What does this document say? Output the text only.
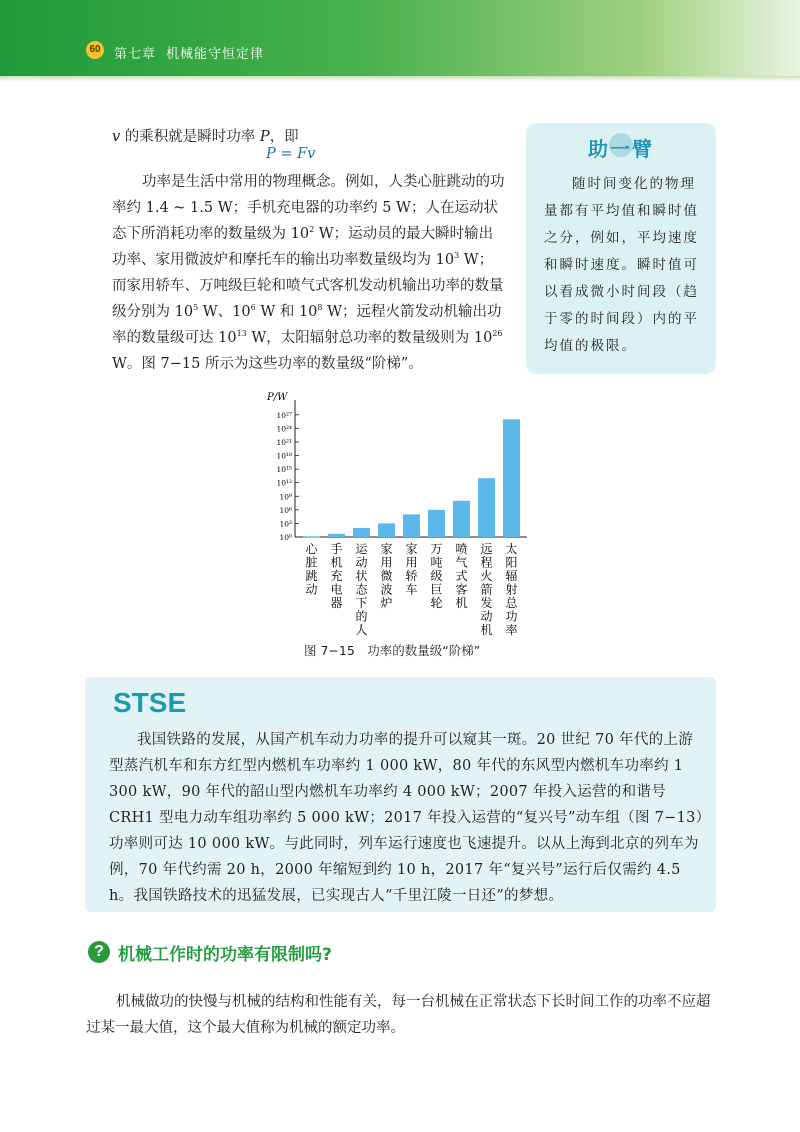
60 第七章 机械能守恒定律
v 的乘积就是瞬时功率 P，即
P = Fv
功率是生活中常用的物理概念。例如，人类心脏跳动的功率约 1.4 ~ 1.5 W；手机充电器的功率约 5 W；人在运动状态下所消耗功率的数量级为 $10^2$ W；运动员的最大瞬时输出功率、家用微波炉和摩托车的输出功率数量级均为 $10^3$ W；而家用轿车、万吨级巨轮和喷气式客机发动机输出功率的数量级分别为 $10^5$ W、$10^6$ W 和 $10^8$ W；远程火箭发动机输出功率的数量级可达 $10^{13}$ W，太阳辐射总功率的数量级则为 $10^{26}$ W。图 7−15 所示为这些功率的数量级“阶梯”。
助一臂
随时间变化的物理量都有平均值和瞬时值之分，例如，平均速度和瞬时速度。瞬时值可以看成微小时间段（趋于零的时间段）内的平均值的极限。
P/W
10⁰
10³
10⁶
10⁹
10¹²
10¹⁵
10¹⁸
10²¹
10²⁴
10²⁷
心脏跳动
手机充电器
运动状态下的人
家用微波炉
家用轿车
万吨级巨轮
喷气式客机
远程火箭发动机
太阳辐射总功率
图 7−15　功率的数量级“阶梯”
STSE
我国铁路的发展，从国产机车动力功率的提升可以窥其一斑。20 世纪 70 年代的上游型蒸汽机车和东方红型内燃机车功率约 1 000 kW，80 年代的东风型内燃机车功率约 1 300 kW，90 年代的韶山型内燃机车功率约 4 000 kW；2007 年投入运营的和谐号 CRH1 型电力动车组功率约 5 000 kW；2017 年投入运营的“复兴号”动车组（图 7−13）功率则可达 10 000 kW。与此同时，列车运行速度也飞速提升。以从上海到北京的列车为例，70 年代约需 20 h，2000 年缩短到约 10 h，2017 年“复兴号”运行后仅需约 4.5 h。我国铁路技术的迅猛发展，已实现古人“千里江陵一日还”的梦想。
? 机械工作时的功率有限制吗?
机械做功的快慢与机械的结构和性能有关，每一台机械在正常状态下长时间工作的功率不应超过某一最大值，这个最大值称为机械的额定功率。
